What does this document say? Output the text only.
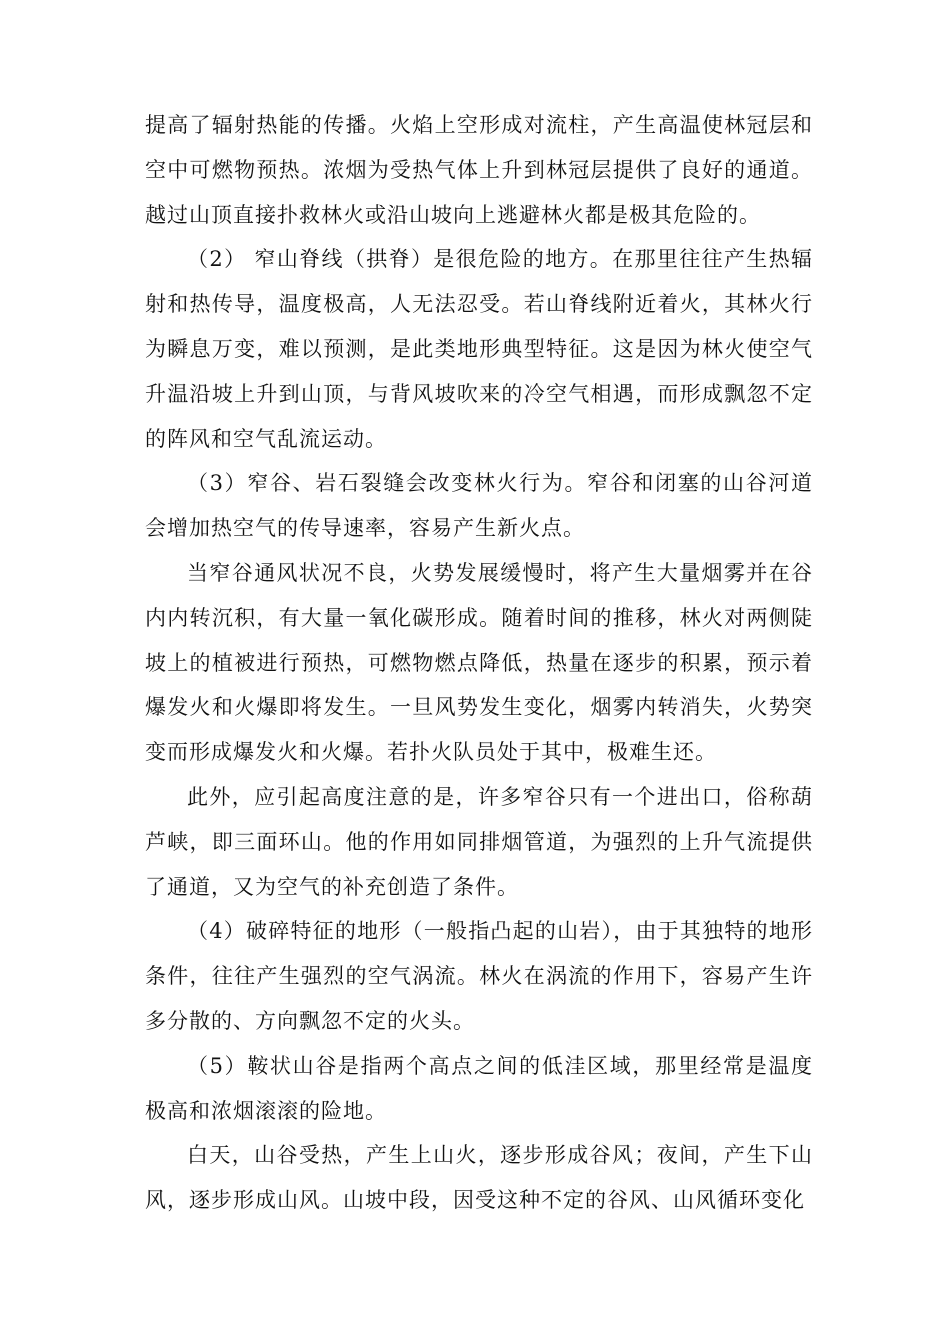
提高了辐射热能的传播。火焰上空形成对流柱，产生高温使林冠层和空中可燃物预热。浓烟为受热气体上升到林冠层提供了良好的通道。越过山顶直接扑救林火或沿山坡向上逃避林火都是极其危险的。

（2） 窄山脊线（拱脊）是很危险的地方。在那里往往产生热辐射和热传导，温度极高，人无法忍受。若山脊线附近着火，其林火行为瞬息万变，难以预测，是此类地形典型特征。这是因为林火使空气升温沿坡上升到山顶，与背风坡吹来的冷空气相遇，而形成飘忽不定的阵风和空气乱流运动。

（3）窄谷、岩石裂缝会改变林火行为。窄谷和闭塞的山谷河道会增加热空气的传导速率，容易产生新火点。

当窄谷通风状况不良，火势发展缓慢时，将产生大量烟雾并在谷内内转沉积，有大量一氧化碳形成。随着时间的推移，林火对两侧陡坡上的植被进行预热，可燃物燃点降低，热量在逐步的积累，预示着爆发火和火爆即将发生。一旦风势发生变化，烟雾内转消失，火势突变而形成爆发火和火爆。若扑火队员处于其中，极难生还。

此外，应引起高度注意的是，许多窄谷只有一个进出口，俗称葫芦峡，即三面环山。他的作用如同排烟管道，为强烈的上升气流提供了通道，又为空气的补充创造了条件。

（4）破碎特征的地形（一般指凸起的山岩），由于其独特的地形条件，往往产生强烈的空气涡流。林火在涡流的作用下，容易产生许多分散的、方向飘忽不定的火头。

（5）鞍状山谷是指两个高点之间的低洼区域，那里经常是温度极高和浓烟滚滚的险地。

白天，山谷受热，产生上山火，逐步形成谷风；夜间，产生下山风，逐步形成山风。山坡中段，因受这种不定的谷风、山风循环变化
